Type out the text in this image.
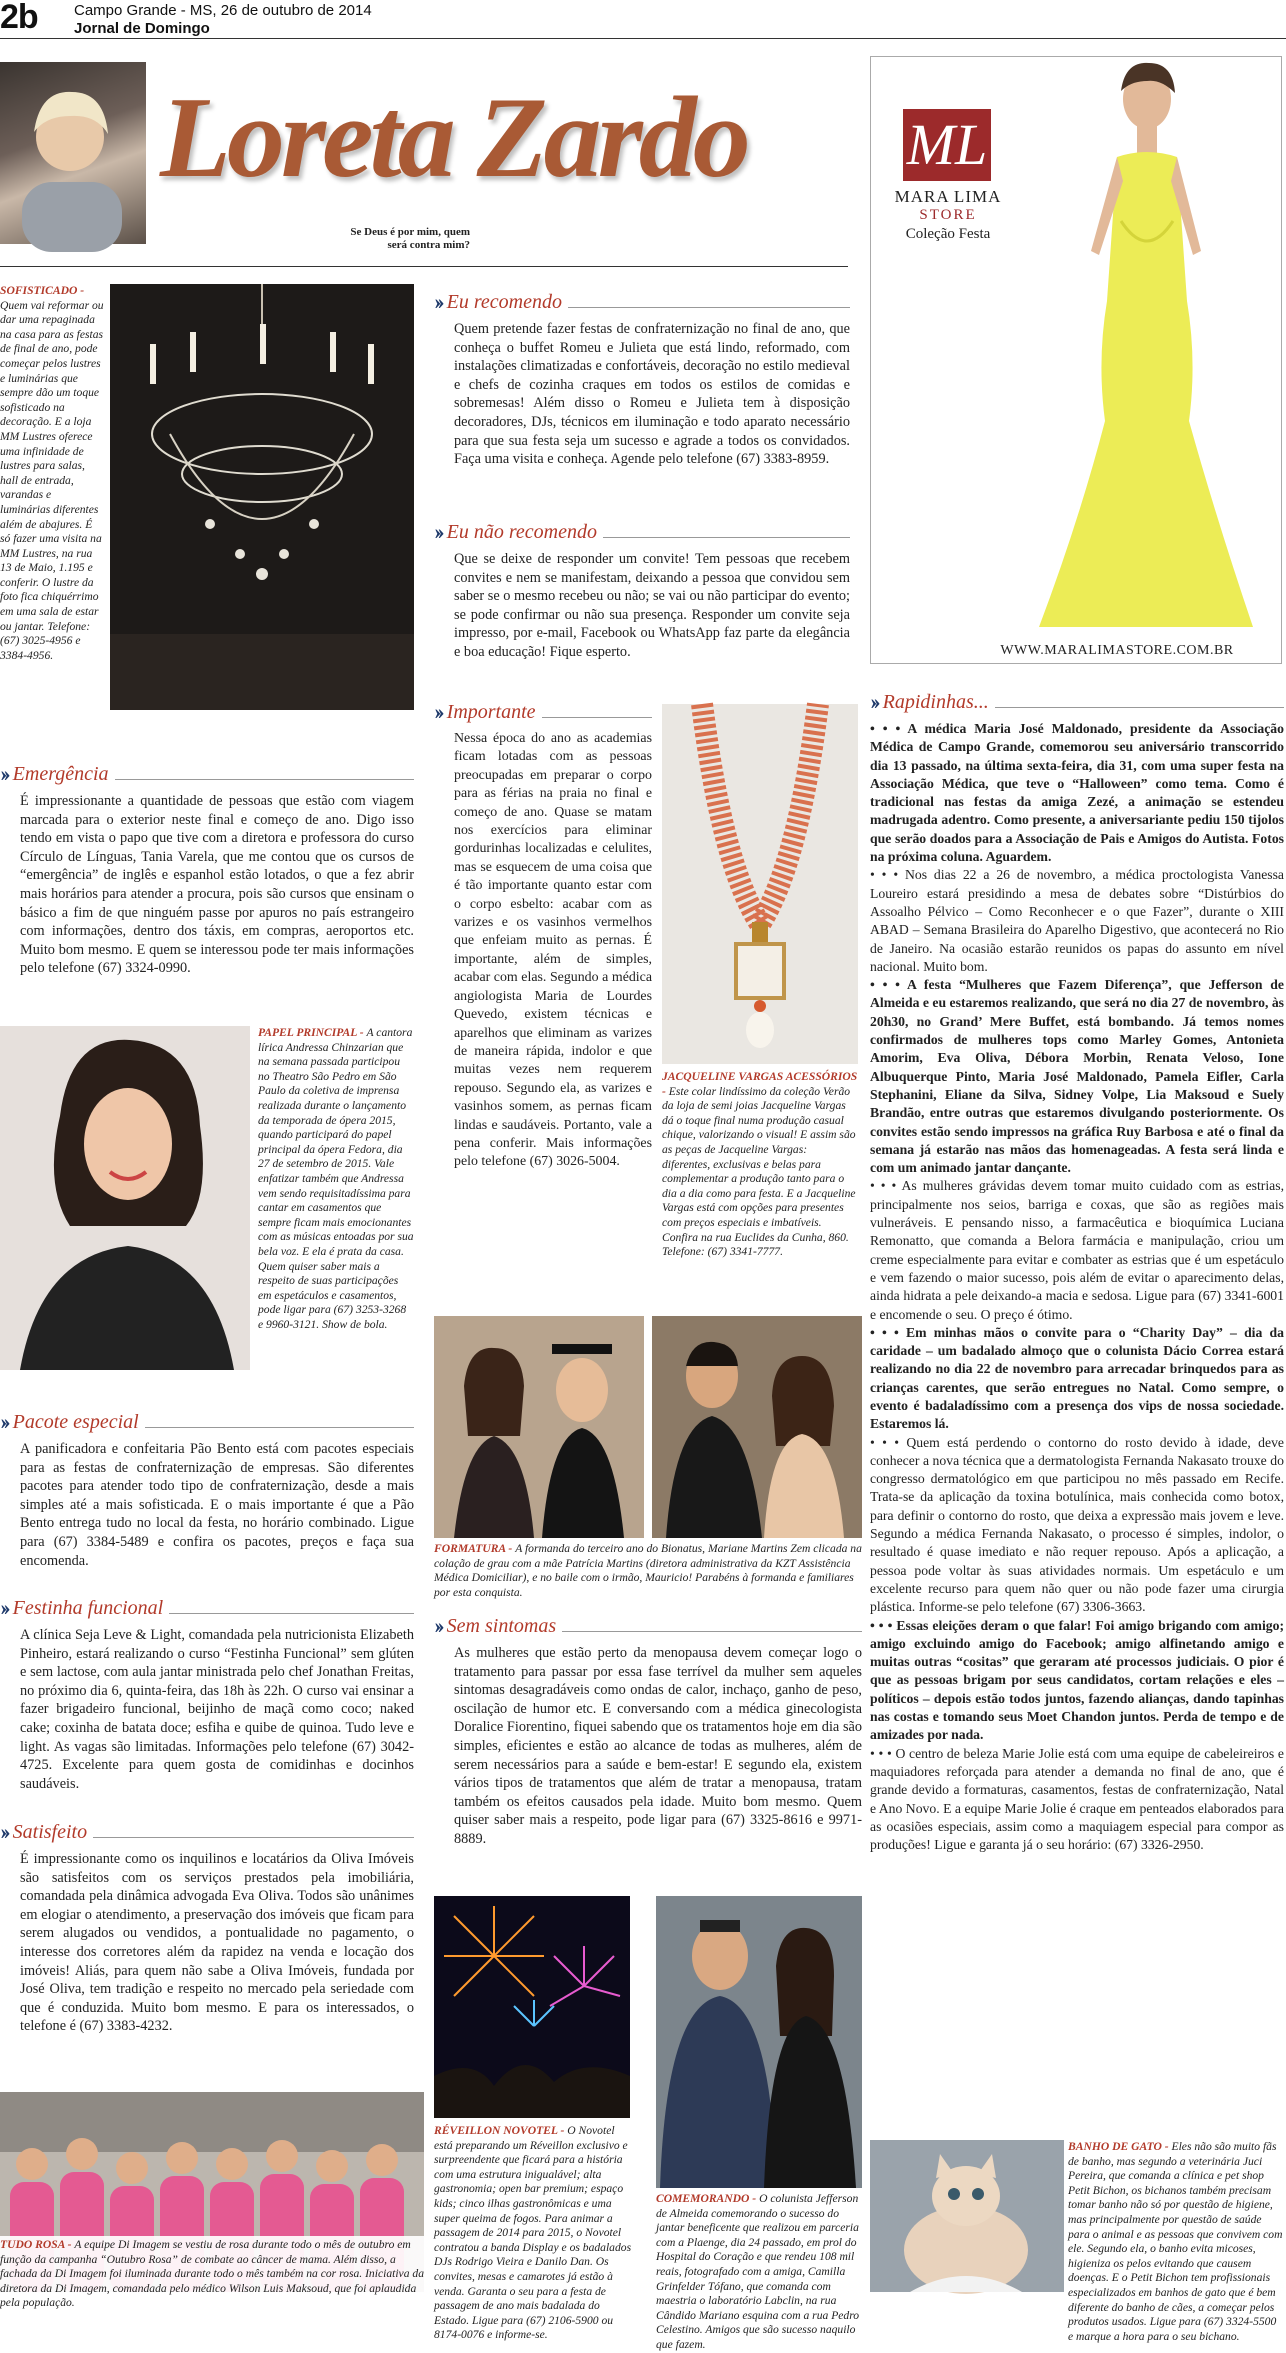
2b Campo Grande - MS, 26 de outubro de 2014
Jornal de Domingo
Loreta Zardo
Se Deus é por mim, quem
será contra mim?
ML
MARA LIMA
STORE
Coleção Festa
WWW.MARALIMASTORE.COM.BR
SOFISTICADO - Quem vai reformar ou dar uma repaginada na casa para as festas de final de ano, pode começar pelos lustres e luminárias que sempre dão um toque sofisticado na decoração. E a loja MM Lustres oferece uma infinidade de lustres para salas, hall de entrada, varandas e luminárias diferentes além de abajures. É só fazer uma visita na MM Lustres, na rua 13 de Maio, 1.195 e conferir. O lustre da foto fica chiquérrimo em uma sala de estar ou jantar. Telefone: (67) 3025-4956 e 3384-4956.
›› Eu recomendo
Quem pretende fazer festas de confraternização no final de ano, que conheça o buffet Romeu e Julieta que está lindo, reformado, com instalações climatizadas e confortáveis, decoração no estilo medieval e chefs de cozinha craques em todos os estilos de comidas e sobremesas! Além disso o Romeu e Julieta tem à disposição decoradores, DJs, técnicos em iluminação e todo aparato necessário para que sua festa seja um sucesso e agrade a todos os convidados. Faça uma visita e conheça. Agende pelo telefone (67) 3383-8959.
›› Eu não recomendo
Que se deixe de responder um convite! Tem pessoas que recebem convites e nem se manifestam, deixando a pessoa que convidou sem saber se o mesmo recebeu ou não; se vai ou não participar do evento; se pode confirmar ou não sua presença. Responder um convite seja impresso, por e-mail, Facebook ou WhatsApp faz parte da elegância e boa educação! Fique esperto.
›› Emergência
É impressionante a quantidade de pessoas que estão com viagem marcada para o exterior neste final e começo de ano. Digo isso tendo em vista o papo que tive com a diretora e professora do curso Círculo de Línguas, Tania Varela, que me contou que os cursos de “emergência” de inglês e espanhol estão lotados, o que a fez abrir mais horários para atender a procura, pois são cursos que ensinam o básico a fim de que ninguém passe por apuros no país estrangeiro com informações, dentro dos táxis, em compras, aeroportos etc. Muito bom mesmo. E quem se interessou pode ter mais informações pelo telefone (67) 3324-0990.
›› Importante
Nessa época do ano as academias ficam lotadas com as pessoas preocupadas em preparar o corpo para as férias na praia no final e começo de ano. Quase se matam nos exercícios para eliminar gordurinhas localizadas e celulites, mas se esquecem de uma coisa que é tão importante quanto estar com o corpo esbelto: acabar com as varizes e os vasinhos vermelhos que enfeiam muito as pernas. É importante, além de simples, acabar com elas. Segundo a médica angiologista Maria de Lourdes Quevedo, existem técnicas e aparelhos que eliminam as varizes de maneira rápida, indolor e que muitas vezes nem requerem repouso. Segundo ela, as varizes e vasinhos somem, as pernas ficam lindas e saudáveis. Portanto, vale a pena conferir. Mais informações pelo telefone (67) 3026-5004.
JACQUELINE VARGAS ACESSÓRIOS - Este colar lindíssimo da coleção Verão da loja de semi joias Jacqueline Vargas dá o toque final numa produção casual chique, valorizando o visual! E assim são as peças de Jacqueline Vargas: diferentes, exclusivas e belas para complementar a produção tanto para o dia a dia como para festa. E a Jacqueline Vargas está com opções para presentes com preços especiais e imbatíveis. Confira na rua Euclides da Cunha, 860. Telefone: (67) 3341-7777.
›› Rapidinhas...

• • • A médica Maria José Maldonado, presidente da Associação Médica de Campo Grande, comemorou seu aniversário transcorrido dia 13 passado, na última sexta-feira, dia 31, com uma super festa na Associação Médica, que teve o “Halloween” como tema. Como é tradicional nas festas da amiga Zezé, a animação se estendeu madrugada adentro. Como presente, a aniversariante pediu 150 tijolos que serão doados para a Associação de Pais e Amigos do Autista. Fotos na próxima coluna. Aguardem.

• • • Nos dias 22 a 26 de novembro, a médica proctologista Vanessa Loureiro estará presidindo a mesa de debates sobre “Distúrbios do Assoalho Pélvico – Como Reconhecer e o que Fazer”, durante o XIII ABAD – Semana Brasileira do Aparelho Digestivo, que acontecerá no Rio de Janeiro. Na ocasião estarão reunidos os papas do assunto em nível nacional. Muito bom.

• • • A festa “Mulheres que Fazem Diferença”, que Jefferson de Almeida e eu estaremos realizando, que será no dia 27 de novembro, às 20h30, no Grand’ Mere Buffet, está bombando. Já temos nomes confirmados de mulheres tops como Marley Gomes, Antonieta Amorim, Eva Oliva, Débora Morbin, Renata Veloso, Ione Albuquerque Pinto, Maria José Maldonado, Pamela Eifler, Carla Stephanini, Eliane da Silva, Sidney Volpe, Lia Maksoud e Suely Brandão, entre outras que estaremos divulgando posteriormente. Os convites estão sendo impressos na gráfica Ruy Barbosa e até o final da semana já estarão nas mãos das homenageadas. A festa será linda e com um animado jantar dançante.

• • • As mulheres grávidas devem tomar muito cuidado com as estrias, principalmente nos seios, barriga e coxas, que são as regiões mais vulneráveis. E pensando nisso, a farmacêutica e bioquímica Luciana Remonatto, que comanda a Belora farmácia e manipulação, criou um creme especialmente para evitar e combater as estrias que é um espetáculo e vem fazendo o maior sucesso, pois além de evitar o aparecimento delas, ainda hidrata a pele deixando-a macia e sedosa. Ligue para (67) 3341-6001 e encomende o seu. O preço é ótimo.

• • • Em minhas mãos o convite para o “Charity Day” – dia da caridade – um badalado almoço que o colunista Dácio Correa estará realizando no dia 22 de novembro para arrecadar brinquedos para as crianças carentes, que serão entregues no Natal. Como sempre, o evento é badaladíssimo com a presença dos vips de nossa sociedade. Estaremos lá.

• • • Quem está perdendo o contorno do rosto devido à idade, deve conhecer a nova técnica que a dermatologista Fernanda Nakasato trouxe do congresso dermatológico em que participou no mês passado em Recife. Trata-se da aplicação da toxina botulínica, mais conhecida como botox, para definir o contorno do rosto, que deixa a expressão mais jovem e leve. Segundo a médica Fernanda Nakasato, o processo é simples, indolor, o resultado é quase imediato e não requer repouso. Após a aplicação, a pessoa pode voltar às suas atividades normais. Um espetáculo e um excelente recurso para quem não quer ou não pode fazer uma cirurgia plástica. Informe-se pelo telefone (67) 3306-3663.

• • • Essas eleições deram o que falar! Foi amigo brigando com amigo; amigo excluindo amigo do Facebook; amigo alfinetando amigo e muitas outras “cositas” que geraram até processos judiciais. O pior é que as pessoas brigam por seus candidatos, cortam relações e eles – políticos – depois estão todos juntos, fazendo alianças, dando tapinhas nas costas e tomando seus Moet Chandon juntos. Perda de tempo e de amizades por nada.

• • • O centro de beleza Marie Jolie está com uma equipe de cabeleireiros e maquiadores reforçada para atender a demanda no final de ano, que é grande devido a formaturas, casamentos, festas de confraternização, Natal e Ano Novo. E a equipe Marie Jolie é craque em penteados elaborados para as ocasiões especiais, assim como a maquiagem especial para compor as produções! Ligue e garanta já o seu horário: (67) 3326-2950.

PAPEL PRINCIPAL - A cantora lírica Andressa Chinzarian que na semana passada participou no Theatro São Pedro em São Paulo da coletiva de imprensa realizada durante o lançamento da temporada de ópera 2015, quando participará do papel principal da ópera Fedora, dia 27 de setembro de 2015. Vale enfatizar também que Andressa vem sendo requisitadíssima para cantar em casamentos que sempre ficam mais emocionantes com as músicas entoadas por sua bela voz. E ela é prata da casa. Quem quiser saber mais a respeito de suas participações em espetáculos e casamentos, pode ligar para (67) 3253-3268 e 9960-3121. Show de bola.
FORMATURA - A formanda do terceiro ano do Bionatus, Mariane Martins Zem clicada na colação de grau com a mãe Patrícia Martins (diretora administrativa da KZT Assistência Médica Domiciliar), e no baile com o irmão, Mauricio! Parabéns à formanda e familiares por esta conquista.
›› Pacote especial
A panificadora e confeitaria Pão Bento está com pacotes especiais para as festas de confraternização de empresas. São diferentes pacotes para atender todo tipo de confraternização, desde a mais simples até a mais sofisticada. E o mais importante é que a Pão Bento entrega tudo no local da festa, no horário combinado. Ligue para (67) 3384-5489 e confira os pacotes, preços e faça sua encomenda.
›› Festinha funcional
A clínica Seja Leve & Light, comandada pela nutricionista Elizabeth Pinheiro, estará realizando o curso “Festinha Funcional” sem glúten e sem lactose, com aula jantar ministrada pelo chef Jonathan Freitas, no próximo dia 6, quinta-feira, das 18h às 22h. O curso vai ensinar a fazer brigadeiro funcional, beijinho de maçã como coco; naked cake; coxinha de batata doce; esfiha e quibe de quinoa. Tudo leve e light. As vagas são limitadas. Informações pelo telefone (67) 3042-4725. Excelente para quem gosta de comidinhas e docinhos saudáveis.
›› Sem sintomas
As mulheres que estão perto da menopausa devem começar logo o tratamento para passar por essa fase terrível da mulher sem aqueles sintomas desagradáveis como ondas de calor, inchaço, ganho de peso, oscilação de humor etc. E conversando com a médica ginecologista Doralice Fiorentino, fiquei sabendo que os tratamentos hoje em dia são simples, eficientes e estão ao alcance de todas as mulheres, além de serem necessários para a saúde e bem-estar! E segundo ela, existem vários tipos de tratamentos que além de tratar a menopausa, tratam também os efeitos causados pela idade. Muito bom mesmo. Quem quiser saber mais a respeito, pode ligar para (67) 3325-8616 e 9971-8889.
›› Satisfeito
É impressionante como os inquilinos e locatários da Oliva Imóveis são satisfeitos com os serviços prestados pela imobiliária, comandada pela dinâmica advogada Eva Oliva. Todos são unânimes em elogiar o atendimento, a preservação dos imóveis que ficam para serem alugados ou vendidos, a pontualidade no pagamento, o interesse dos corretores além da rapidez na venda e locação dos imóveis! Aliás, para quem não sabe a Oliva Imóveis, fundada por José Oliva, tem tradição e respeito no mercado pela seriedade com que é conduzida. Muito bom mesmo. E para os interessados, o telefone é (67) 3383-4232.
RÉVEILLON NOVOTEL - O Novotel está preparando um Réveillon exclusivo e surpreendente que ficará para a história com uma estrutura inigualável; alta gastronomia; open bar premium; espaço kids; cinco ilhas gastronômicas e uma super queima de fogos. Para animar a passagem de 2014 para 2015, o Novotel contratou a banda Display e os badalados DJs Rodrigo Vieira e Danilo Dan. Os convites, mesas e camarotes já estão à venda. Garanta o seu para a festa de passagem de ano mais badalada do Estado. Ligue para (67) 2106-5900 ou 8174-0076 e informe-se.
COMEMORANDO - O colunista Jefferson de Almeida comemorando o sucesso do jantar beneficente que realizou em parceria com a Plaenge, dia 24 passado, em prol do Hospital do Coração e que rendeu 108 mil reais, fotografado com a amiga, Camilla Grinfelder Tófano, que comanda com maestria o laboratório Labclin, na rua Cândido Mariano esquina com a rua Pedro Celestino. Amigos que são sucesso naquilo que fazem.
TUDO ROSA - A equipe Di Imagem se vestiu de rosa durante todo o mês de outubro em função da campanha “Outubro Rosa” de combate ao câncer de mama. Além disso, a fachada da Di Imagem foi iluminada durante todo o mês também na cor rosa. Iniciativa da diretora da Di Imagem, comandada pelo médico Wilson Luis Maksoud, que foi aplaudida pela população.
BANHO DE GATO - Eles não são muito fãs de banho, mas segundo a veterinária Juci Pereira, que comanda a clínica e pet shop Petit Bichon, os bichanos também precisam tomar banho não só por questão de higiene, mas principalmente por questão de saúde para o animal e as pessoas que convivem com ele. Segundo ela, o banho evita micoses, higieniza os pelos evitando que causem doenças. E o Petit Bichon tem profissionais especializados em banhos de gato que é bem diferente do banho de cães, a começar pelos produtos usados. Ligue para (67) 3324-5500 e marque a hora para o seu bichano.
